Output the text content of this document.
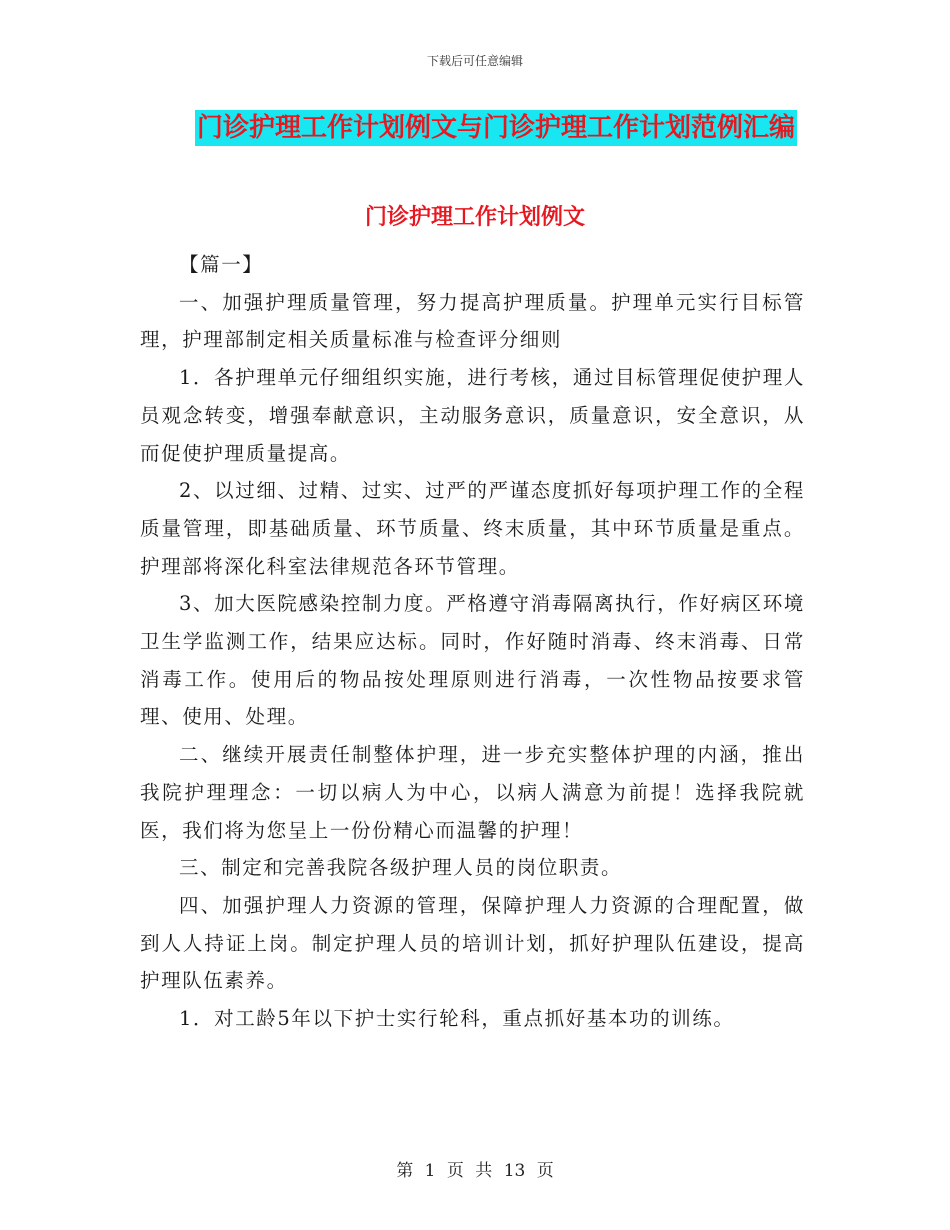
下载后可任意编辑
门诊护理工作计划例文与门诊护理工作计划范例汇编
门诊护理工作计划例文

【篇一】

一、加强护理质量管理，努力提高护理质量。护理单元实行目标管理，护理部制定相关质量标准与检查评分细则

1．各护理单元仔细组织实施，进行考核，通过目标管理促使护理人员观念转变，增强奉献意识，主动服务意识，质量意识，安全意识，从而促使护理质量提高。

2、以过细、过精、过实、过严的严谨态度抓好每项护理工作的全程质量管理，即基础质量、环节质量、终末质量，其中环节质量是重点。护理部将深化科室法律规范各环节管理。

3、加大医院感染控制力度。严格遵守消毒隔离执行，作好病区环境卫生学监测工作，结果应达标。同时，作好随时消毒、终末消毒、日常消毒工作。使用后的物品按处理原则进行消毒，一次性物品按要求管理、使用、处理。

二、继续开展责任制整体护理，进一步充实整体护理的内涵，推出我院护理理念：一切以病人为中心，以病人满意为前提！选择我院就医，我们将为您呈上一份份精心而温馨的护理！

三、制定和完善我院各级护理人员的岗位职责。

四、加强护理人力资源的管理，保障护理人力资源的合理配置，做到人人持证上岗。制定护理人员的培训计划，抓好护理队伍建设，提高护理队伍素养。

1．对工龄5年以下护士实行轮科，重点抓好基本功的训练。

第 1 页 共 13 页
